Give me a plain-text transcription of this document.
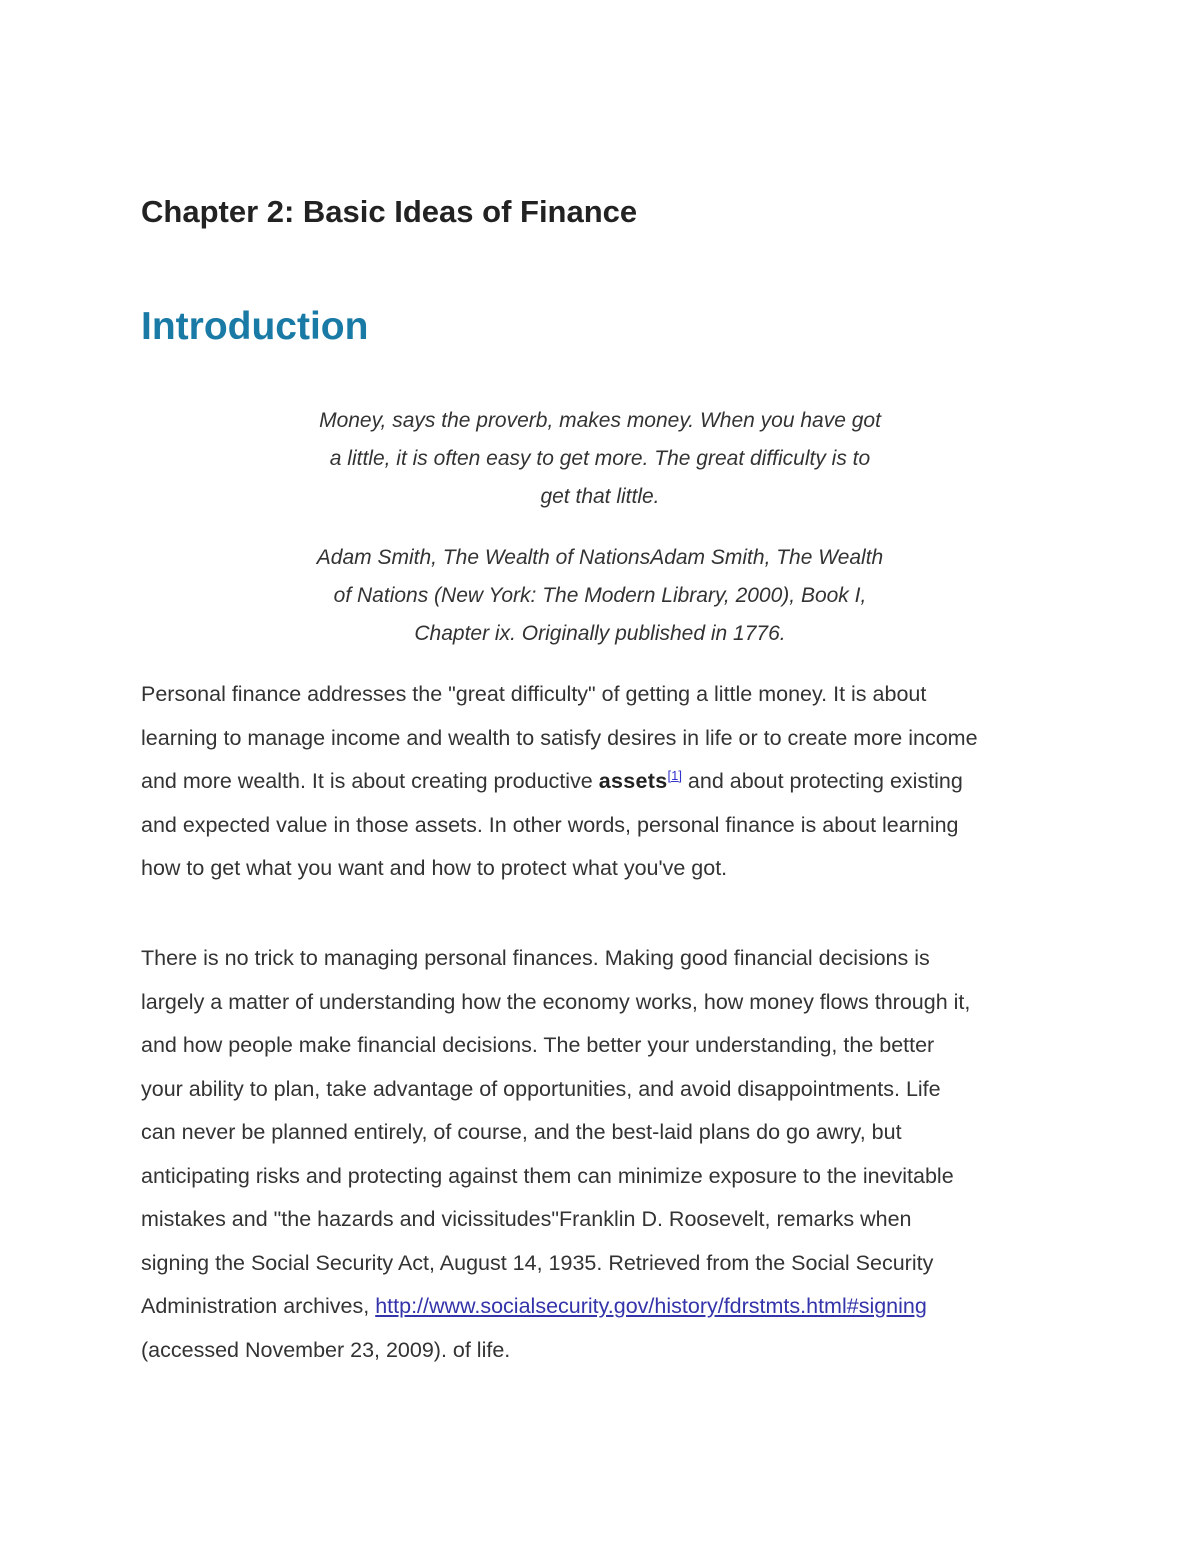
Chapter 2: Basic Ideas of Finance
Introduction

Money, says the proverb, makes money. When you have got
a little, it is often easy to get more. The great difficulty is to
get that little.

Adam Smith, The Wealth of NationsAdam Smith, The Wealth
of Nations (New York: The Modern Library, 2000), Book I,
Chapter ix. Originally published in 1776.

Personal finance addresses the "great difficulty" of getting a little money. It is about
learning to manage income and wealth to satisfy desires in life or to create more income
and more wealth. It is about creating productive assets[1] and about protecting existing
and expected value in those assets. In other words, personal finance is about learning
how to get what you want and how to protect what you've got.

There is no trick to managing personal finances. Making good financial decisions is
largely a matter of understanding how the economy works, how money flows through it,
and how people make financial decisions. The better your understanding, the better
your ability to plan, take advantage of opportunities, and avoid disappointments. Life
can never be planned entirely, of course, and the best-laid plans do go awry, but
anticipating risks and protecting against them can minimize exposure to the inevitable
mistakes and "the hazards and vicissitudes"Franklin D. Roosevelt, remarks when
signing the Social Security Act, August 14, 1935. Retrieved from the Social Security
Administration archives, http://www.socialsecurity.gov/history/fdrstmts.html#signing
(accessed November 23, 2009). of life.
